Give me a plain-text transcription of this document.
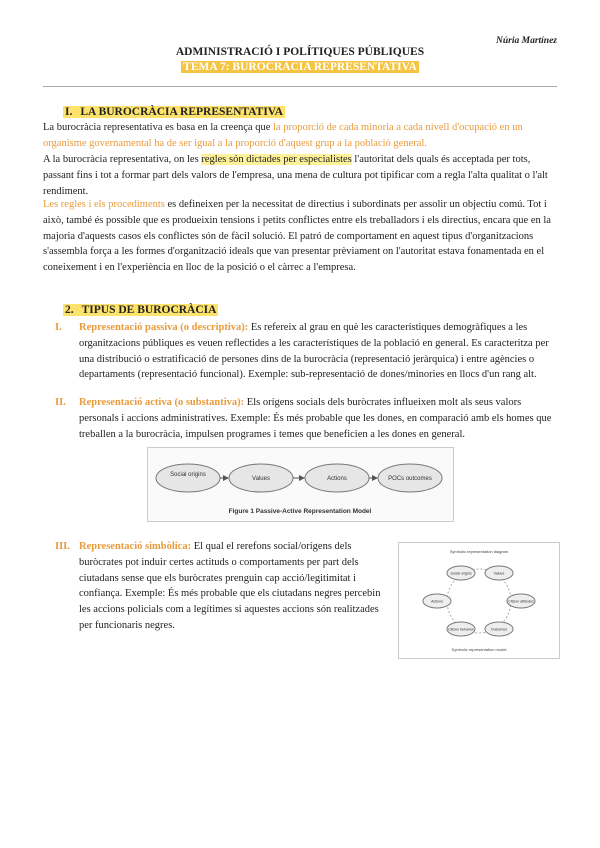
Núria Martínez
ADMINISTRACIÓ I POLÍTIQUES PÚBLIQUES
TEMA 7: BUROCRÀCIA REPRESENTATIVA
I. LA BUROCRÀCIA REPRESENTATIVA
La burocràcia representativa es basa en la creença que la proporció de cada minoria a cada nivell d'ocupació en un organisme governamental ha de ser igual a la proporció d'aquest grup a la població general.
A la burocràcia representativa, on les regles són dictades per especialistes l'autoritat dels quals és acceptada per tots, passant fins i tot a formar part dels valors de l'empresa, una mena de cultura pot tipificar com a regla l'alta qualitat o l'alt rendiment.
Les regles i els procediments es defineixen per la necessitat de directius i subordinats per assolir un objectiu comú. Tot i això, també és possible que es produeixin tensions i petits conflictes entre els treballadors i els directius, encara que en la majoria d'aquests casos els conflictes són de fàcil solució. El patró de comportament en aquest tipus d'organitzacions s'assembla força a les formes d'organització ideals que van presentar prèviament on l'autoritat estava fonamentada en el coneixement i en l'experiència en lloc de la posició o el càrrec a l'empresa.
2. TIPUS DE BUROCRÀCIA
I. Representació passiva (o descriptiva): Es refereix al grau en què les característiques demogràfiques a les organitzacions públiques es veuen reflectides a les característiques de la població en general. Es caracteritza per una distribució o estratificació de persones dins de la burocràcia (representació jeràrquica) i entre agències o departaments (representació funcional). Exemple: sub-representació de dones/minories en llocs d'un rang alt.
II. Representació activa (o substantiva): Els orígens socials dels buròcrates influeixen molt als seus valors personals i accions administratives. Exemple: És més probable que les dones, en comparació amb els homes que treballen a la burocràcia, impulsen programes i temes que beneficien a les dones en general.
Social origins
Values	Actions	POCs outcomes
Figure 1 Passive-Active Representation Model
III. Representació simbòlica: El qual el rerefons social/orígens dels buròcrates pot induir certes actituds o comportaments per part dels ciutadans sense que els buròcrates prenguin cap acció/legitimitat i confiança. Exemple: És més probable que els ciutadans negres percebin les accions policials com a legítimes si aquestes accions són realitzades per funcionaris negres.
Symbolic representation diagram
Social origins	Values
Actions	Citizen attitudes
Citizen behavior	Outcomes
Symbolic representation model
